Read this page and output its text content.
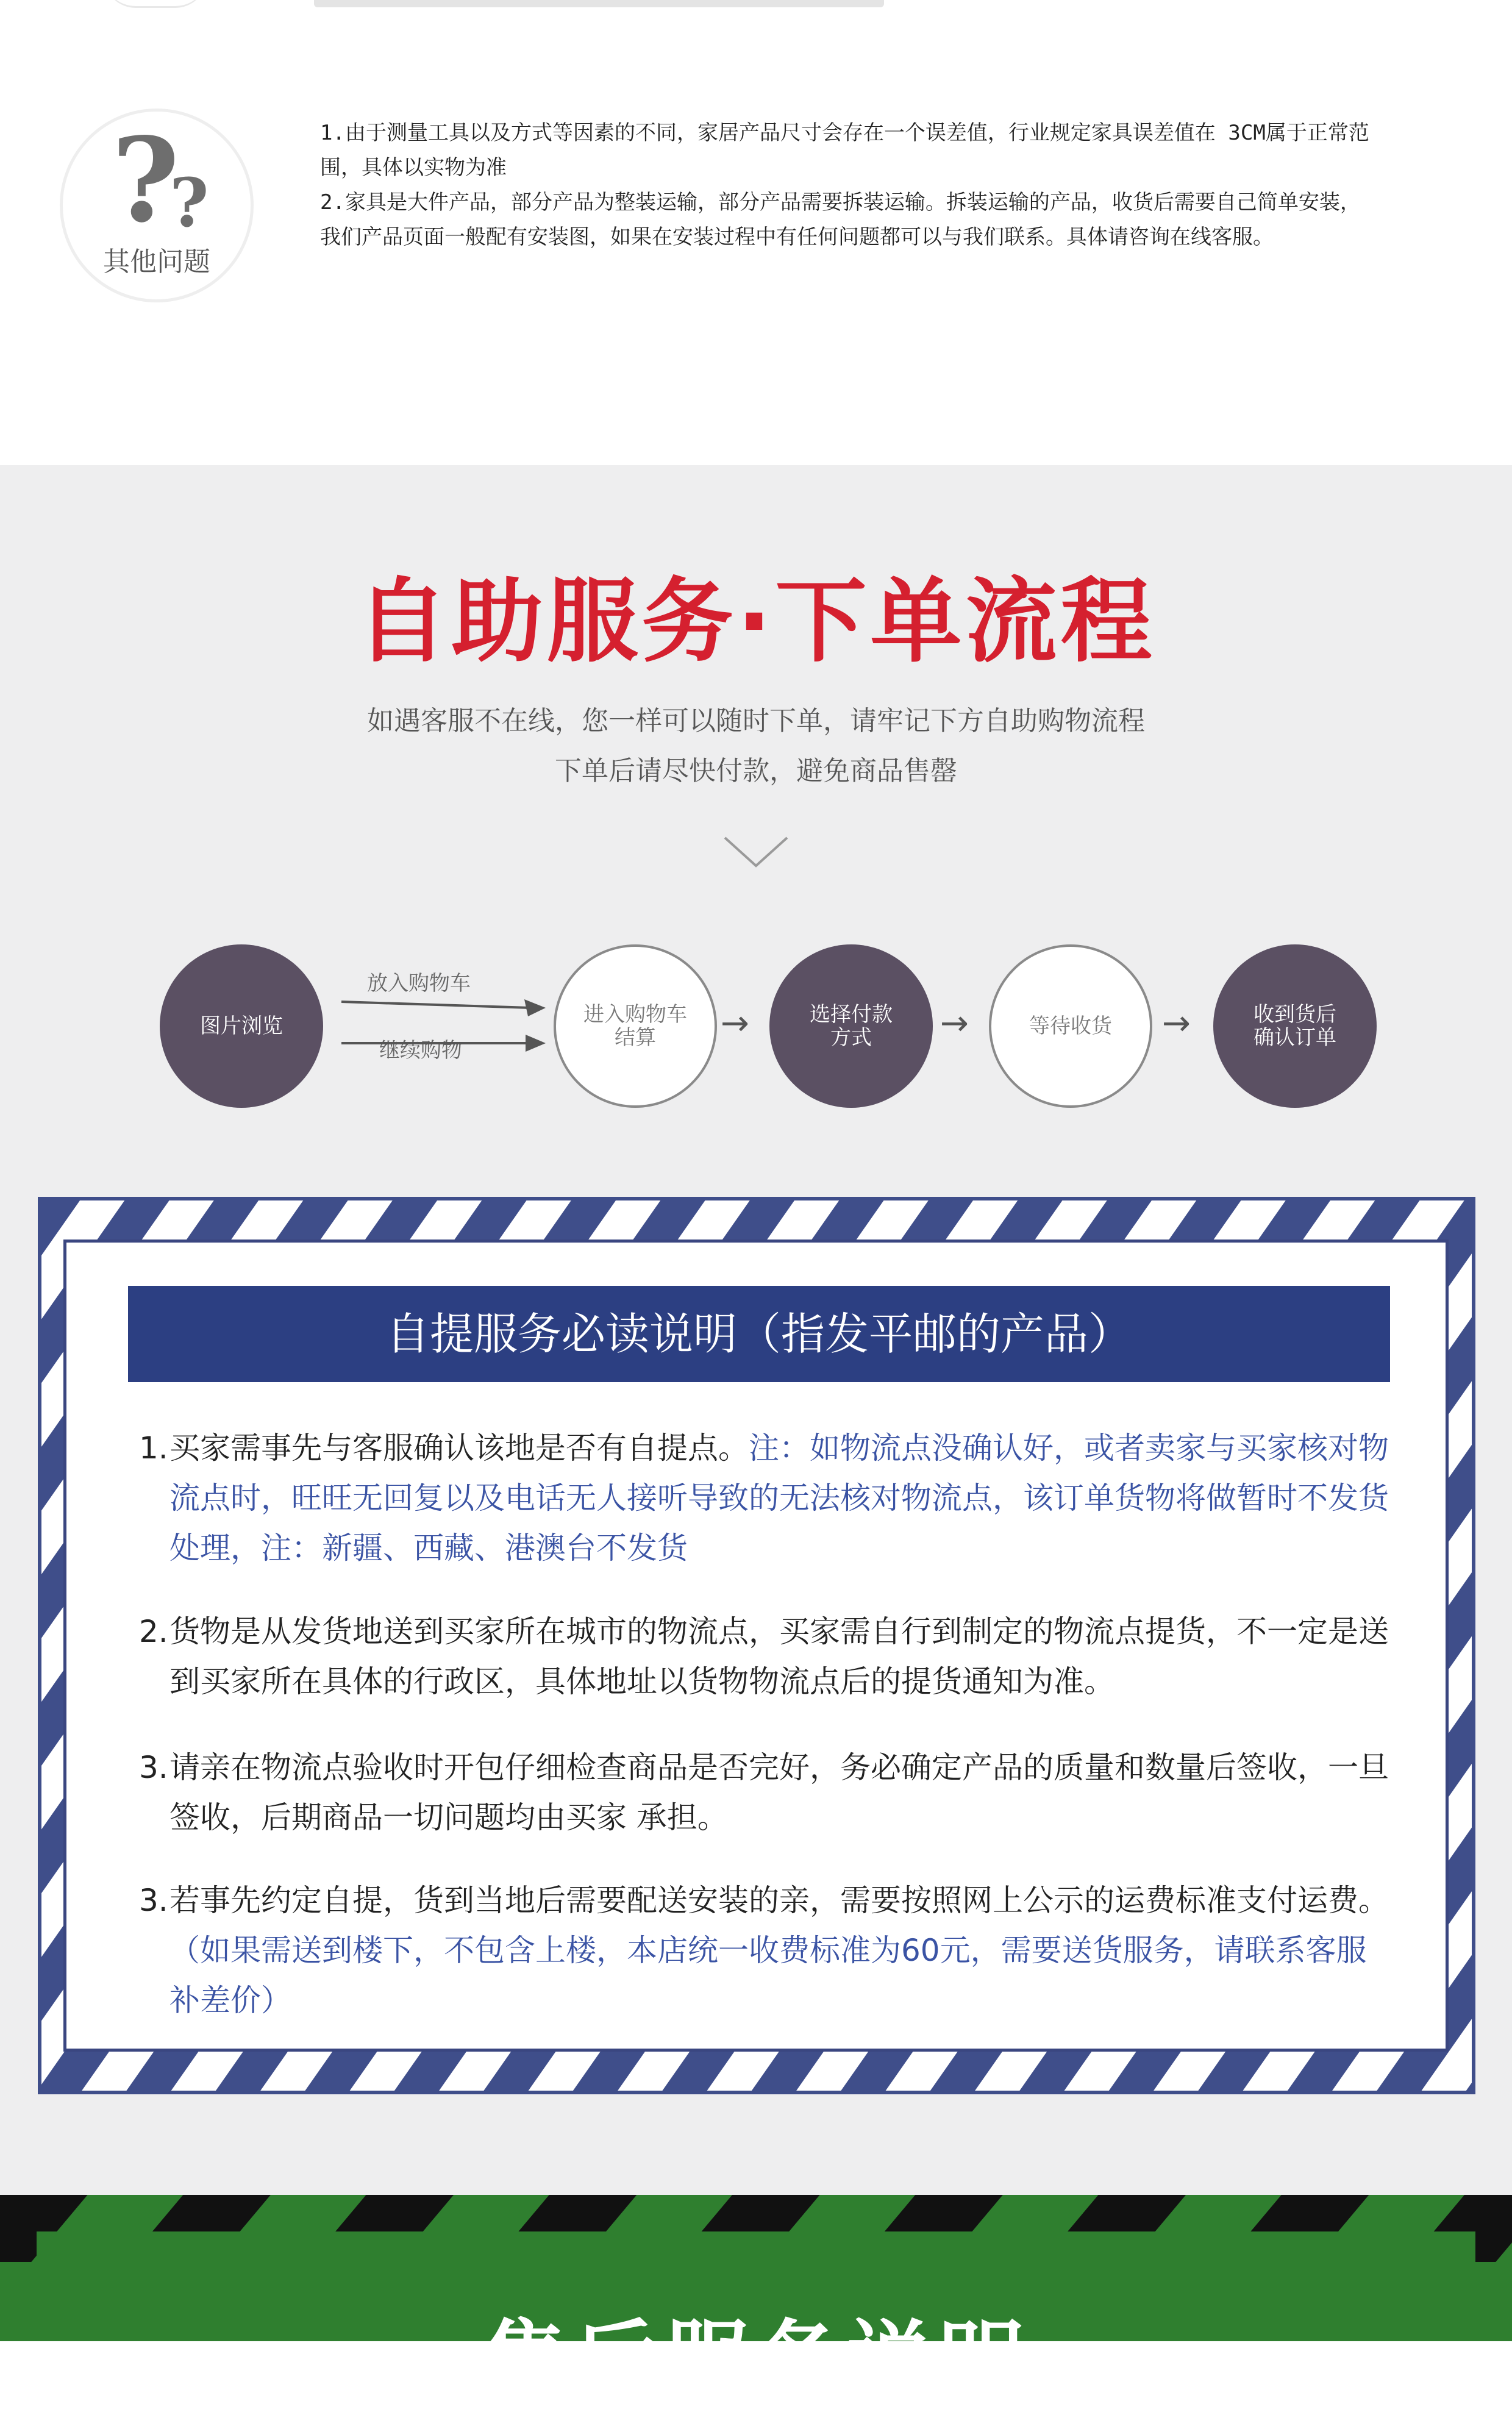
?
?
其他问题

1.由于测量工具以及方式等因素的不同，家居产品尺寸会存在一个误差值，行业规定家具误差值在 3CM属于正常范围，具体以实物为准

2.家具是大件产品，部分产品为整装运输，部分产品需要拆装运输。拆装运输的产品，收货后需要自己简单安装，我们产品页面一般配有安装图，如果在安装过程中有任何问题都可以与我们联系。具体请咨询在线客服。

自助服务·下单流程
如遇客服不在线，您一样可以随时下单，请牢记下方自助购物流程
下单后请尽快付款，避免商品售罄
图片浏览
放入购物车
继续购物
进入购物车
结算	→	选择付款
方式	→	等待收货	→	收到货后
确认订单
自提服务必读说明（指发平邮的产品）
1. 买家需事先与客服确认该地是否有自提点。注：如物流点没确认好，或者卖家与买家核对物流点时，旺旺无回复以及电话无人接听导致的无法核对物流点，该订单货物将做暂时不发货处理，注：新疆、西藏、港澳台不发货
2. 货物是从发货地送到买家所在城市的物流点，买家需自行到制定的物流点提货，不一定是送到买家所在具体的行政区，具体地址以货物物流点后的提货通知为准。
3. 请亲在物流点验收时开包仔细检查商品是否完好，务必确定产品的质量和数量后签收，一旦签收，后期商品一切问题均由买家 承担。
3. 若事先约定自提，货到当地后需要配送安装的亲，需要按照网上公示的运费标准支付运费。（如果需送到楼下，不包含上楼，本店统一收费标准为60元，需要送货服务，请联系客服补差价）
售后服务说明
